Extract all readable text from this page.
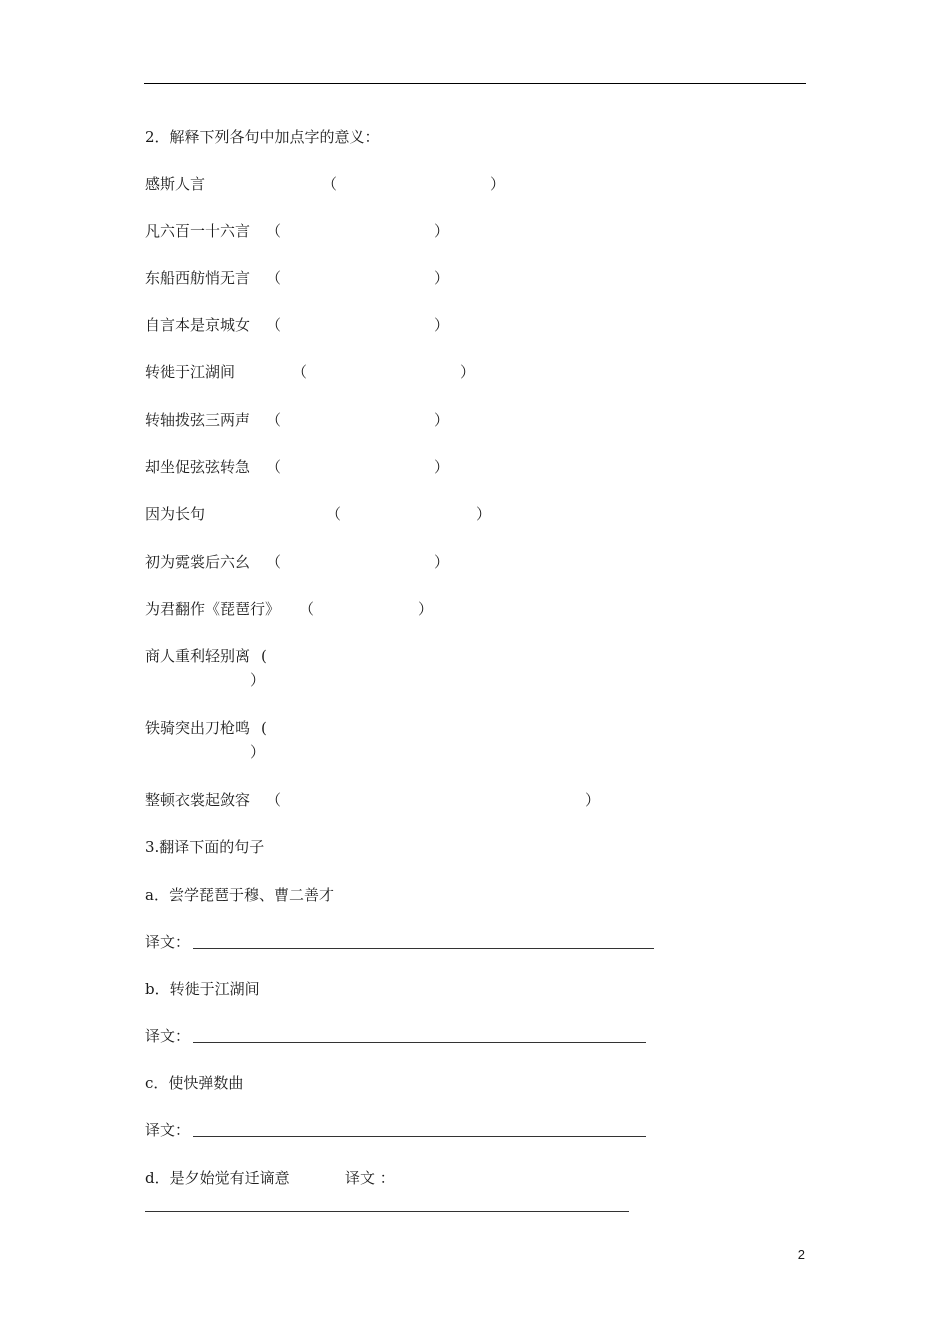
2．解释下列各句中加点字的意义：
感斯人言	（	）
凡六百一十六言 （	）
东船西舫悄无言 （	）
自言本是京城女 （	）
转徙于江湖间	（	）
转轴拨弦三两声 （	）
却坐促弦弦转急 （	）
因为长句	（	）
初为霓裳后六幺 （	）
为君翻作《琵琶行》 （	）
商人重利轻别离 (
）
铁骑突出刀枪鸣 (
）
整顿衣裳起敛容 （	）
3.翻译下面的句子
a．尝学琵琶于穆、曹二善才
译文：
b．转徙于江湖间
译文：
c．使快弹数曲
译文：
d．是夕始觉有迁谪意	译文 ：
2
